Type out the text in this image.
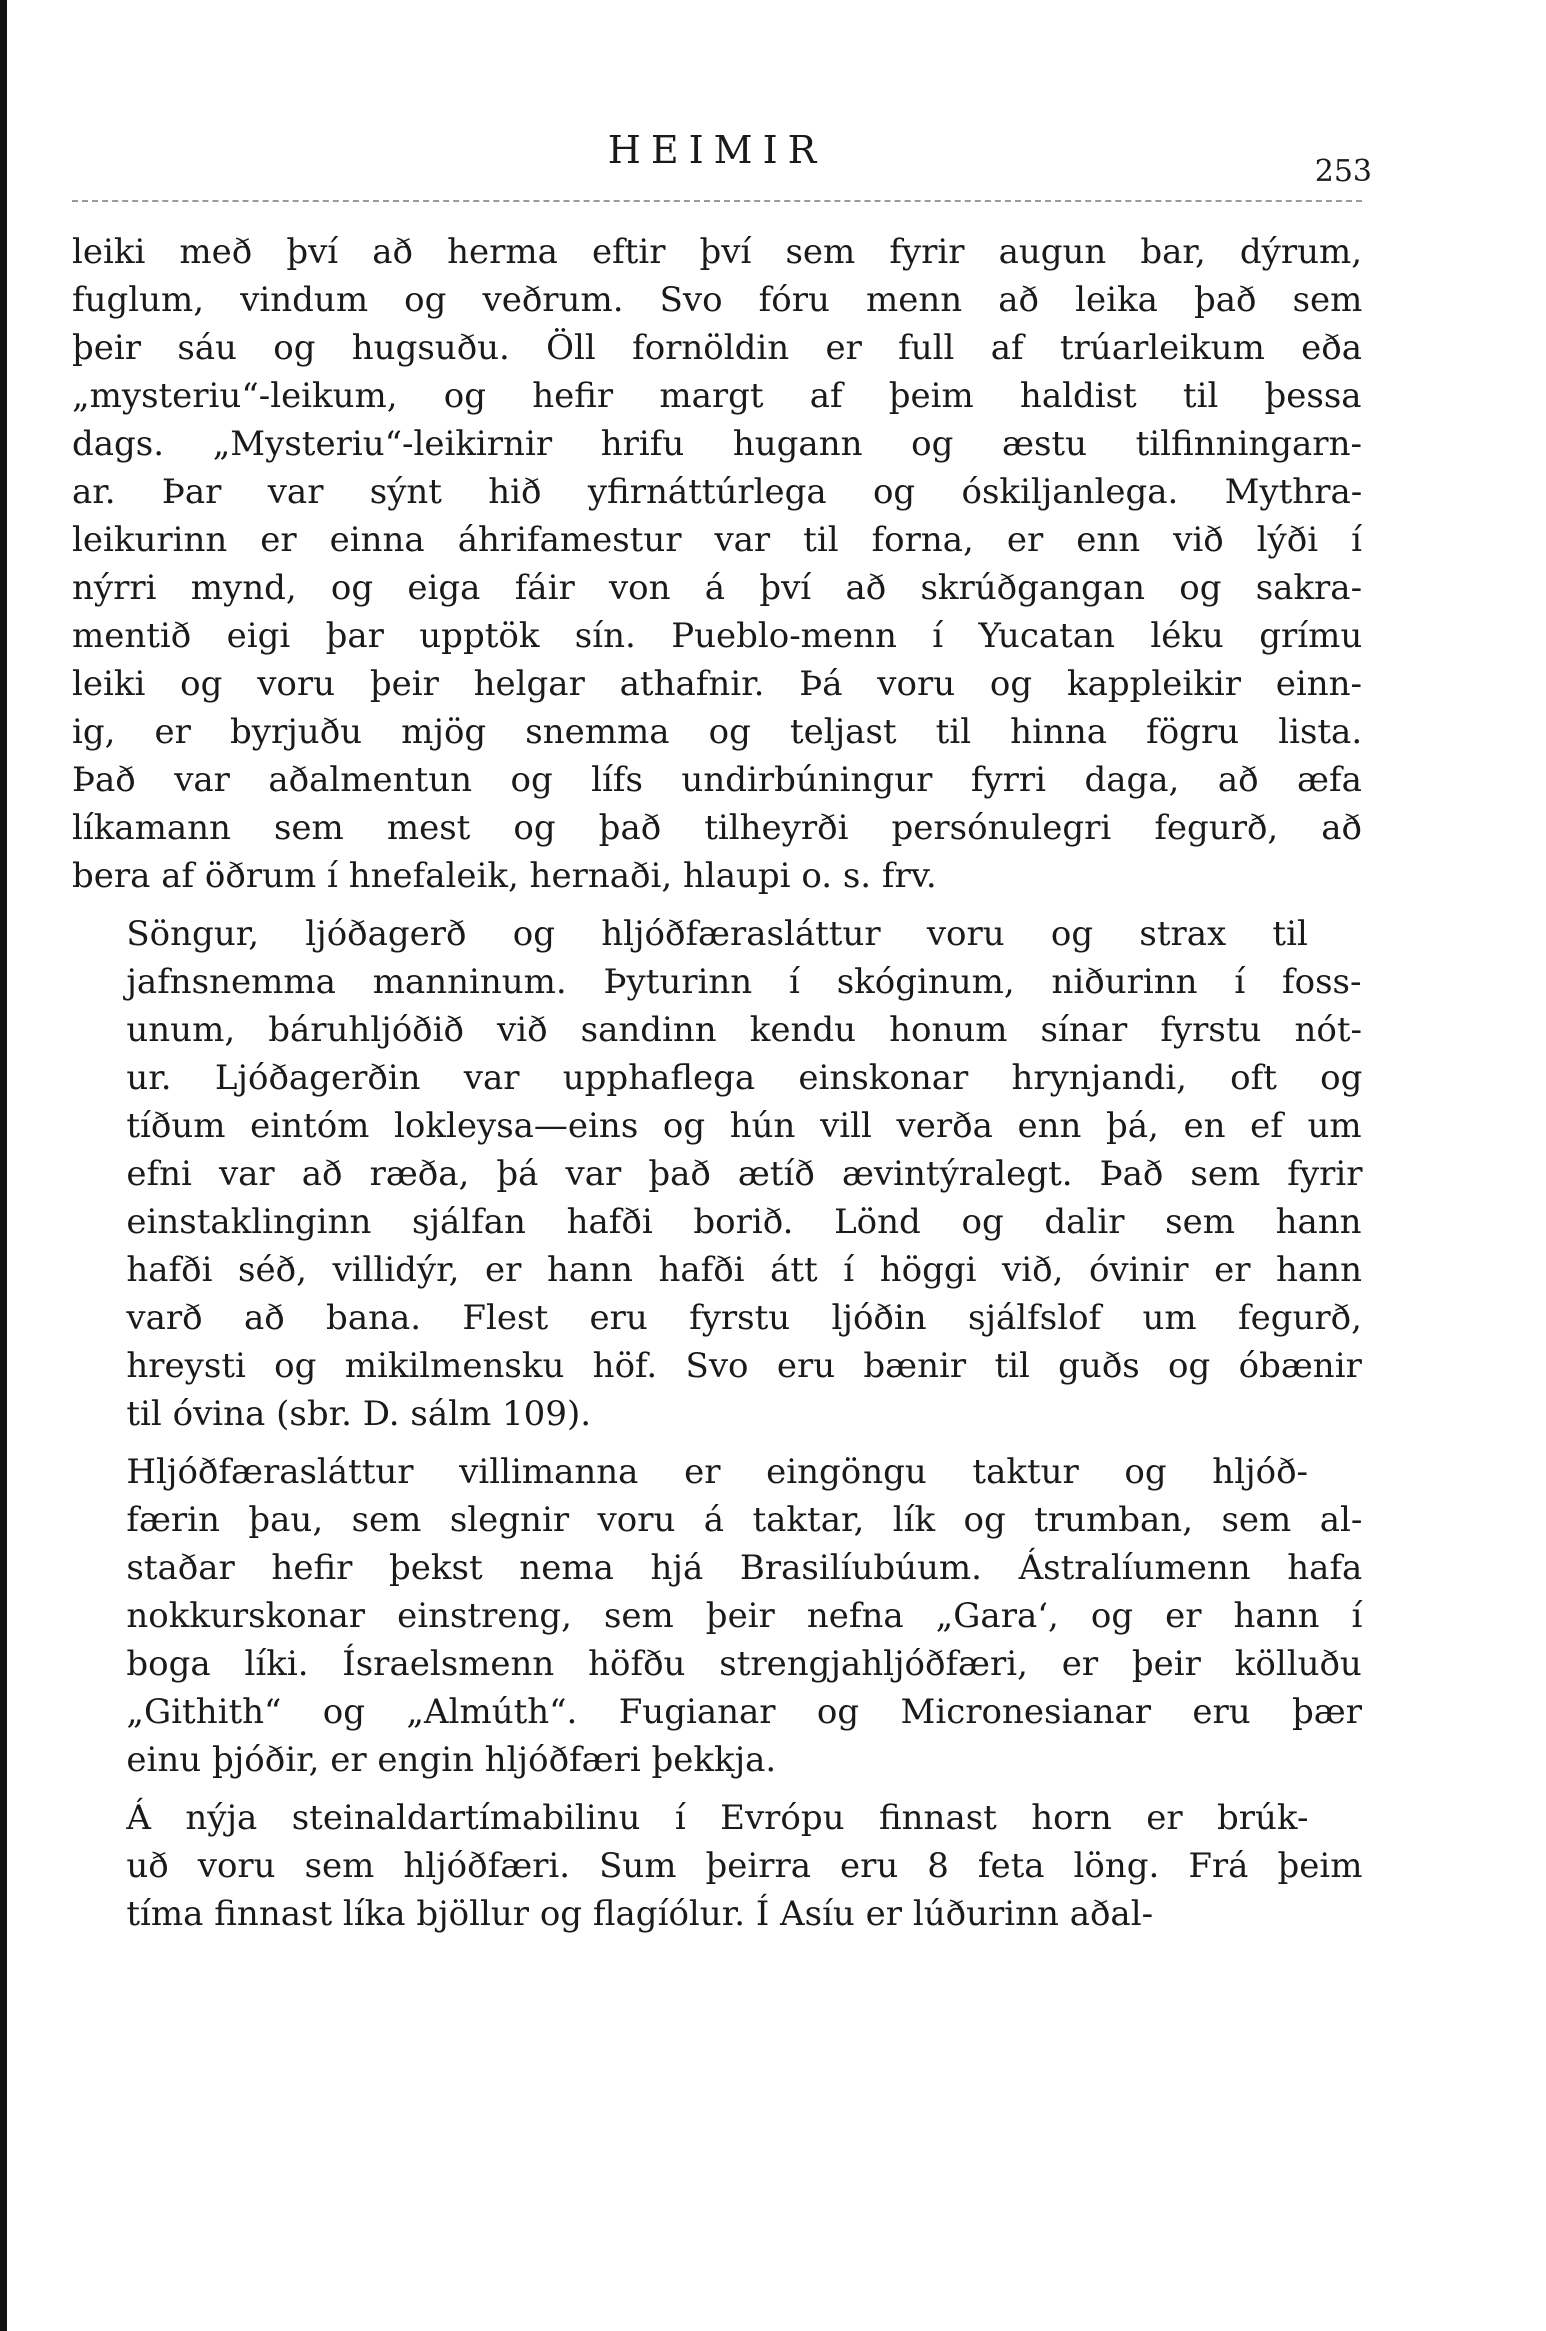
HEIMIR	253

leiki með því að herma eftir því sem fyrir augun bar, dýrum,
fuglum, vindum og veðrum. Svo fóru menn að leika það sem
þeir sáu og hugsuðu. Öll fornöldin er full af trúarleikum eða
„mysteriu“-leikum, og hefir margt af þeim haldist til þessa
dags. „Mysteriu“-leikirnir hrifu hugann og æstu tilfinningarn-
ar. Þar var sýnt hið yfirnáttúrlega og óskiljanlega. Mythra-
leikurinn er einna áhrifamestur var til forna, er enn við lýði í
nýrri mynd, og eiga fáir von á því að skrúðgangan og sakra-
mentið eigi þar upptök sín. Pueblo-menn í Yucatan léku grímu
leiki og voru þeir helgar athafnir. Þá voru og kappleikir einn-
ig, er byrjuðu mjög snemma og teljast til hinna fögru lista.
Það var aðalmentun og lífs undirbúningur fyrri daga, að æfa
líkamann sem mest og það tilheyrði persónulegri fegurð, að
bera af öðrum í hnefaleik, hernaði, hlaupi o. s. frv.

Söngur, ljóðagerð og hljóðfærasláttur voru og strax til
jafnsnemma manninum. Þyturinn í skóginum, niðurinn í foss-
unum, báruhljóðið við sandinn kendu honum sínar fyrstu nót-
ur. Ljóðagerðin var upphaflega einskonar hrynjandi, oft og
tíðum eintóm lokleysa—eins og hún vill verða enn þá, en ef um
efni var að ræða, þá var það ætíð ævintýralegt. Það sem fyrir
einstaklinginn sjálfan hafði borið. Lönd og dalir sem hann
hafði séð, villidýr, er hann hafði átt í höggi við, óvinir er hann
varð að bana. Flest eru fyrstu ljóðin sjálfslof um fegurð,
hreysti og mikilmensku höf. Svo eru bænir til guðs og óbænir
til óvina (sbr. D. sálm 109).

Hljóðfærasláttur villimanna er eingöngu taktur og hljóð-
færin þau, sem slegnir voru á taktar, lík og trumban, sem al-
staðar hefir þekst nema hjá Brasilíubúum. Ástralíumenn hafa
nokkurskonar einstreng, sem þeir nefna „Gara‘, og er hann í
boga líki. Ísraelsmenn höfðu strengjahljóðfæri, er þeir kölluðu
„Githith“ og „Almúth“. Fugianar og Micronesianar eru þær
einu þjóðir, er engin hljóðfæri þekkja.

Á nýja steinaldartímabilinu í Evrópu finnast horn er brúk-
uð voru sem hljóðfæri. Sum þeirra eru 8 feta löng. Frá þeim
tíma finnast líka bjöllur og flagíólur. Í Asíu er lúðurinn aðal-
